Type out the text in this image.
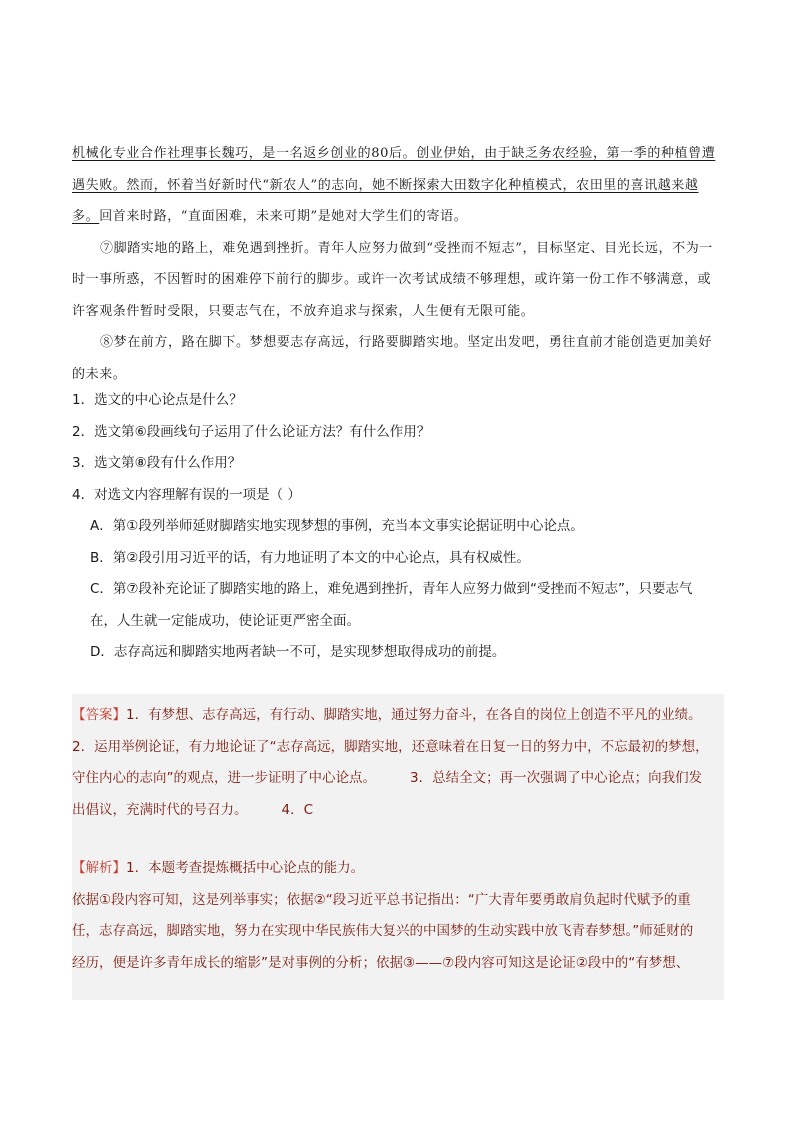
机械化专业合作社理事长魏巧，是一名返乡创业的80后。创业伊始，由于缺乏务农经验，第一季的种植曾遭遇失败。然而，怀着当好新时代“新农人”的志向，她不断探索大田数字化种植模式，农田里的喜讯越来越多。回首来时路，“直面困难，未来可期”是她对大学生们的寄语。

⑦脚踏实地的路上，难免遇到挫折。青年人应努力做到“受挫而不短志”，目标坚定、目光长远，不为一时一事所惑，不因暂时的困难停下前行的脚步。或许一次考试成绩不够理想，或许第一份工作不够满意，或许客观条件暂时受限，只要志气在，不放弃追求与探索，人生便有无限可能。

⑧梦在前方，路在脚下。梦想要志存高远，行路要脚踏实地。坚定出发吧，勇往直前才能创造更加美好的未来。

1．选文的中心论点是什么？

2．选文第⑥段画线句子运用了什么论证方法？有什么作用？

3．选文第⑧段有什么作用？

4．对选文内容理解有误的一项是（ ）

A．第①段列举师延财脚踏实地实现梦想的事例，充当本文事实论据证明中心论点。

B．第②段引用习近平的话，有力地证明了本文的中心论点，具有权威性。

C．第⑦段补充论证了脚踏实地的路上，难免遇到挫折，青年人应努力做到“受挫而不短志”，只要志气

在，人生就一定能成功，使论证更严密全面。

D．志存高远和脚踏实地两者缺一不可，是实现梦想取得成功的前提。

【答案】1．有梦想、志存高远，有行动、脚踏实地，通过努力奋斗，在各自的岗位上创造不平凡的业绩。
2．运用举例论证，有力地论证了“志存高远，脚踏实地，还意味着在日复一日的努力中，不忘最初的梦想，
守住内心的志向”的观点，进一步证明了中心论点。	3．总结全文；再一次强调了中心论点；向我们发
出倡议，充满时代的号召力。	4．C
【解析】1．本题考查提炼概括中心论点的能力。
依据①段内容可知，这是列举事实；依据②“段习近平总书记指出：“广大青年要勇敢肩负起时代赋予的重
任，志存高远，脚踏实地，努力在实现中华民族伟大复兴的中国梦的生动实践中放飞青春梦想。”师延财的
经历，便是许多青年成长的缩影”是对事例的分析；依据③——⑦段内容可知这是论证②段中的“有梦想、
